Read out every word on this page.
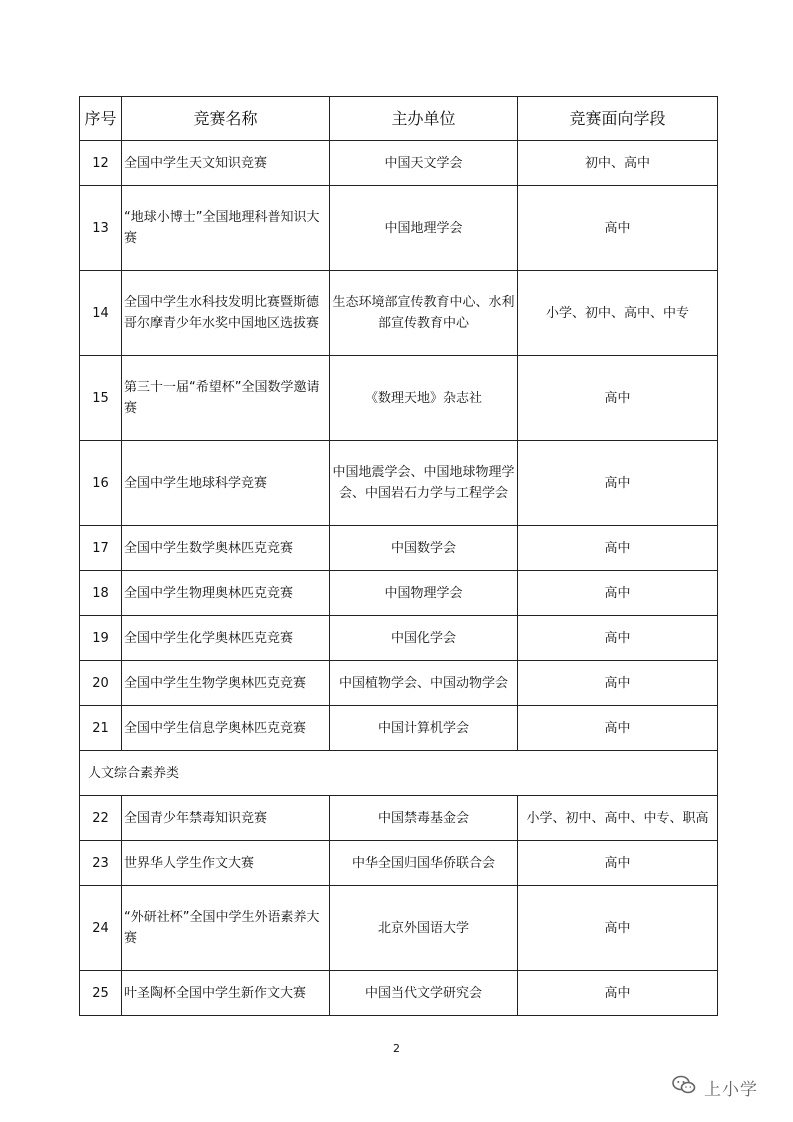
序号	竞赛名称	主办单位	竞赛面向学段
12	全国中学生天文知识竞赛	中国天文学会	初中、高中
13	“地球小博士”全国地理科普知识大赛	中国地理学会	高中
14	全国中学生水科技发明比赛暨斯德哥尔摩青少年水奖中国地区选拔赛	生态环境部宣传教育中心、水利部宣传教育中心	小学、初中、高中、中专
15	第三十一届“希望杯”全国数学邀请赛	《数理天地》杂志社	高中
16	全国中学生地球科学竞赛	中国地震学会、中国地球物理学会、中国岩石力学与工程学会	高中
17	全国中学生数学奥林匹克竞赛	中国数学会	高中
18	全国中学生物理奥林匹克竞赛	中国物理学会	高中
19	全国中学生化学奥林匹克竞赛	中国化学会	高中
20	全国中学生生物学奥林匹克竞赛	中国植物学会、中国动物学会	高中
21	全国中学生信息学奥林匹克竞赛	中国计算机学会	高中
人文综合素养类			
22	全国青少年禁毒知识竞赛	中国禁毒基金会	小学、初中、高中、中专、职高
23	世界华人学生作文大赛	中华全国归国华侨联合会	高中
24	“外研社杯”全国中学生外语素养大赛	北京外国语大学	高中
25	叶圣陶杯全国中学生新作文大赛	中国当代文学研究会	高中
2
上小学
